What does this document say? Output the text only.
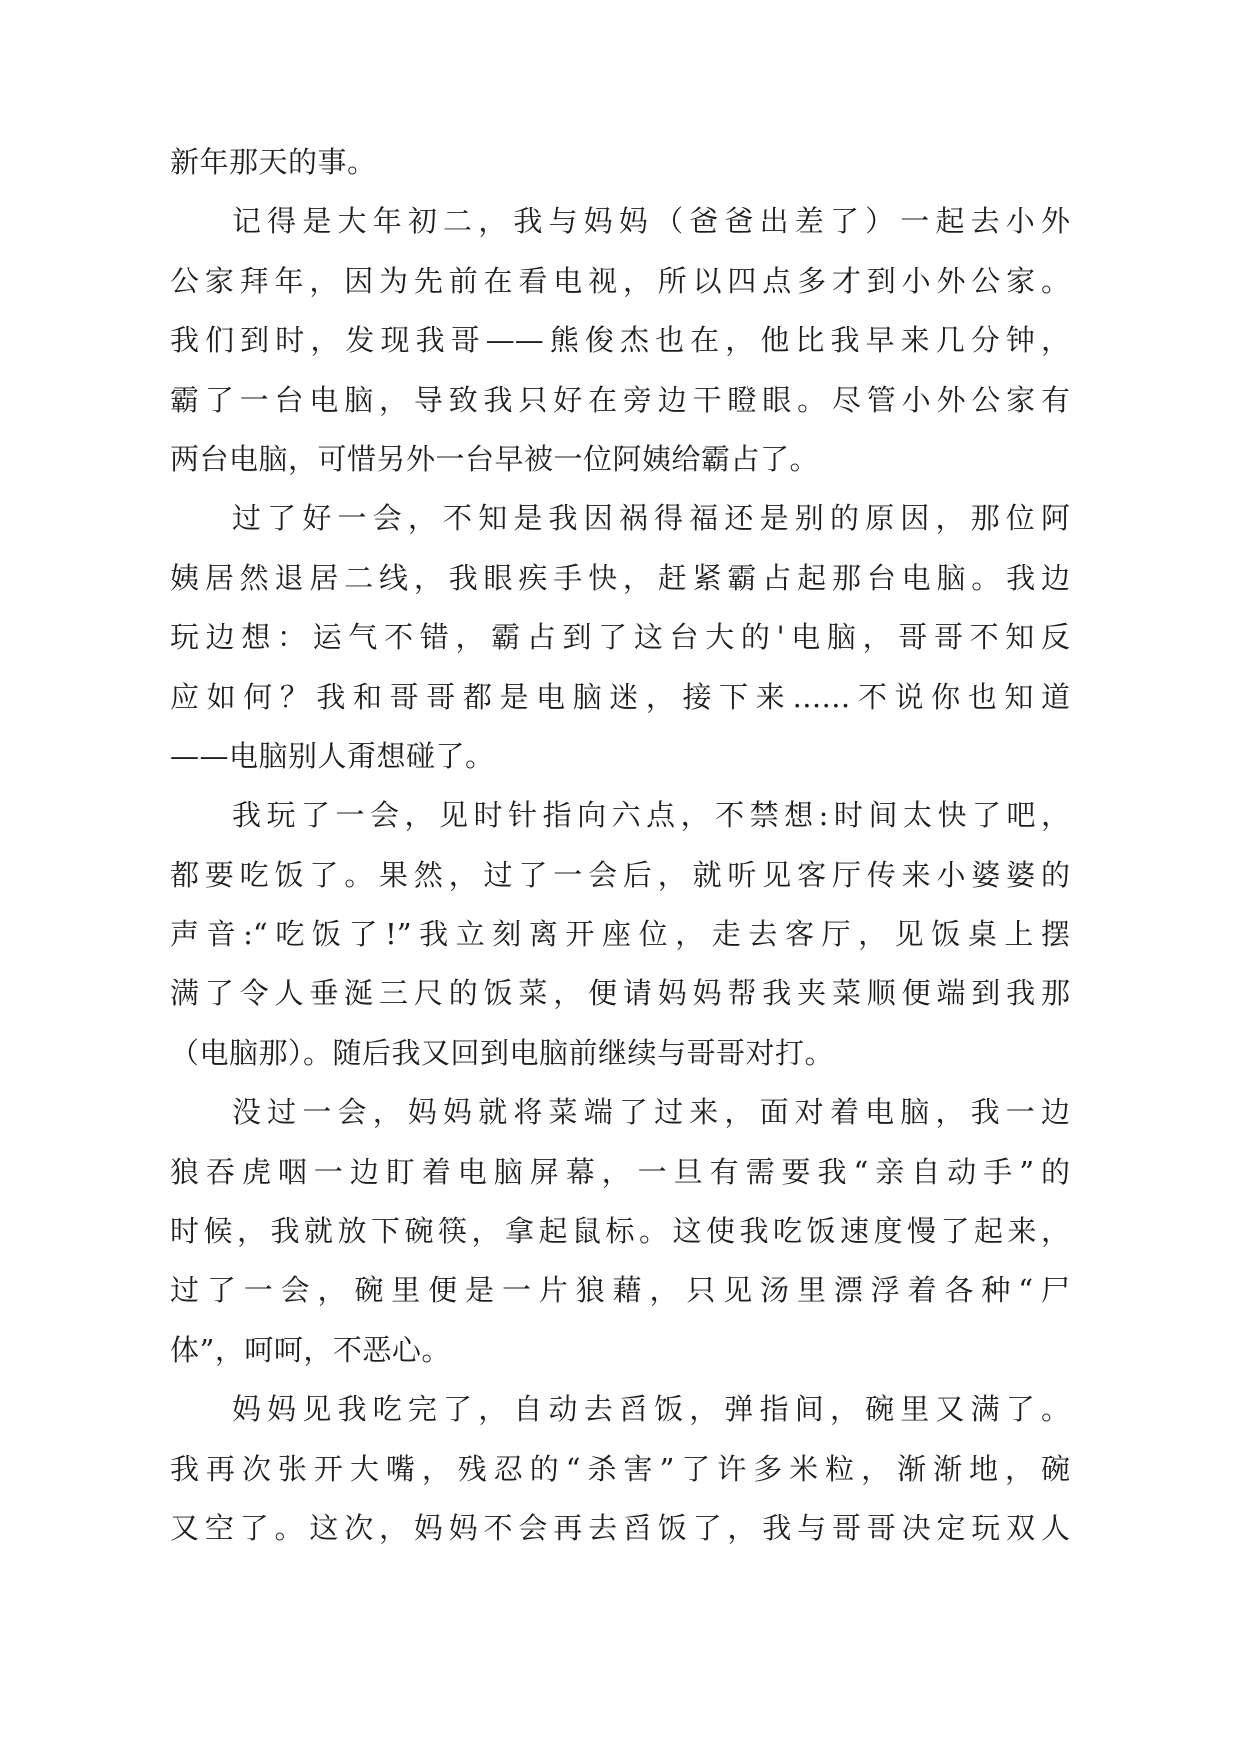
新年那天的事。
记得是大年初二，我与妈妈（爸爸出差了）一起去小外
公家拜年，因为先前在看电视，所以四点多才到小外公家。
我们到时，发现我哥——熊俊杰也在，他比我早来几分钟，
霸了一台电脑，导致我只好在旁边干瞪眼。尽管小外公家有
两台电脑，可惜另外一台早被一位阿姨给霸占了。
过了好一会，不知是我因祸得福还是别的原因，那位阿
姨居然退居二线，我眼疾手快，赶紧霸占起那台电脑。我边
玩边想：运气不错，霸占到了这台大的'电脑，哥哥不知反
应如何？我和哥哥都是电脑迷，接下来……不说你也知道
——电脑别人甭想碰了。
我玩了一会，见时针指向六点，不禁想:时间太快了吧，
都要吃饭了。果然，过了一会后，就听见客厅传来小婆婆的
声音:“吃饭了!”我立刻离开座位，走去客厅，见饭桌上摆
满了令人垂涎三尺的饭菜，便请妈妈帮我夹菜顺便端到我那
（电脑那）。随后我又回到电脑前继续与哥哥对打。
没过一会，妈妈就将菜端了过来，面对着电脑，我一边
狼吞虎咽一边盯着电脑屏幕，一旦有需要我“亲自动手”的
时候，我就放下碗筷，拿起鼠标。这使我吃饭速度慢了起来，
过了一会，碗里便是一片狼藉，只见汤里漂浮着各种“尸
体”，呵呵，不恶心。
妈妈见我吃完了，自动去舀饭，弹指间，碗里又满了。
我再次张开大嘴，残忍的“杀害”了许多米粒，渐渐地，碗
又空了。这次，妈妈不会再去舀饭了，我与哥哥决定玩双人
